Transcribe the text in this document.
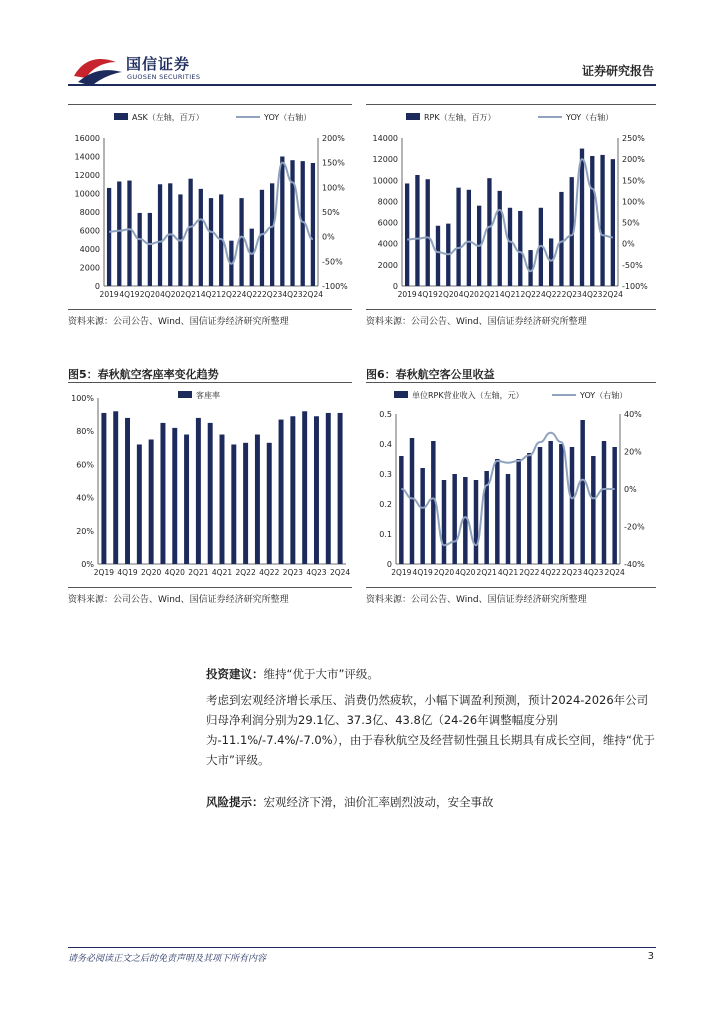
国信证券
GUOSEN SECURITIES	证券研究报告
0
2000
4000
6000
8000
10000
12000
14000
16000
-100%
-50%
0%
50%
100%
150%
200%
2019 4Q19 2Q20 4Q20 2Q21 4Q21 2Q22 4Q22 2Q23 4Q23 2Q24
ASK（左轴，百万）	YOY（右轴）
资料来源：公司公告、Wind、国信证券经济研究所整理
0
2000
4000
6000
8000
10000
12000
14000
-100%
-50%
0%
50%
100%
150%
200%
250%
2019 4Q19 2Q20 4Q20 2Q21 4Q21 2Q22 4Q22 2Q23 4Q23 2Q24
RPK（左轴，百万）	YOY（右轴）
资料来源：公司公告、Wind、国信证券经济研究所整理
图5：春秋航空客座率变化趋势
0%
20%
40%
60%
80%
100%
2Q19 4Q19 2Q20 4Q20 2Q21 4Q21 2Q22 4Q22 2Q23 4Q23 2Q24
客座率
资料来源：公司公告、Wind、国信证券经济研究所整理
图6：春秋航空客公里收益
0
0.1
0.2
0.3
0.4
0.5
-40%
-20%
0%
20%
40%
2Q19 4Q19 2Q20 4Q20 2Q21 4Q21 2Q22 4Q22 2Q23 4Q23 2Q24
单位RPK营业收入（左轴，元）	YOY（右轴）
资料来源：公司公告、Wind、国信证券经济研究所整理
投资建议：维持“优于大市”评级。
考虑到宏观经济增长承压、消费仍然疲软，小幅下调盈利预测，预计2024-2026年公司归母净利润分别为29.1亿、37.3亿、43.8亿（24-26年调整幅度分别为-11.1%/-7.4%/-7.0%），由于春秋航空及经营韧性强且长期具有成长空间，维持“优于大市”评级。
风险提示：宏观经济下滑，油价汇率剧烈波动，安全事故
请务必阅读正文之后的免责声明及其项下所有内容	3
